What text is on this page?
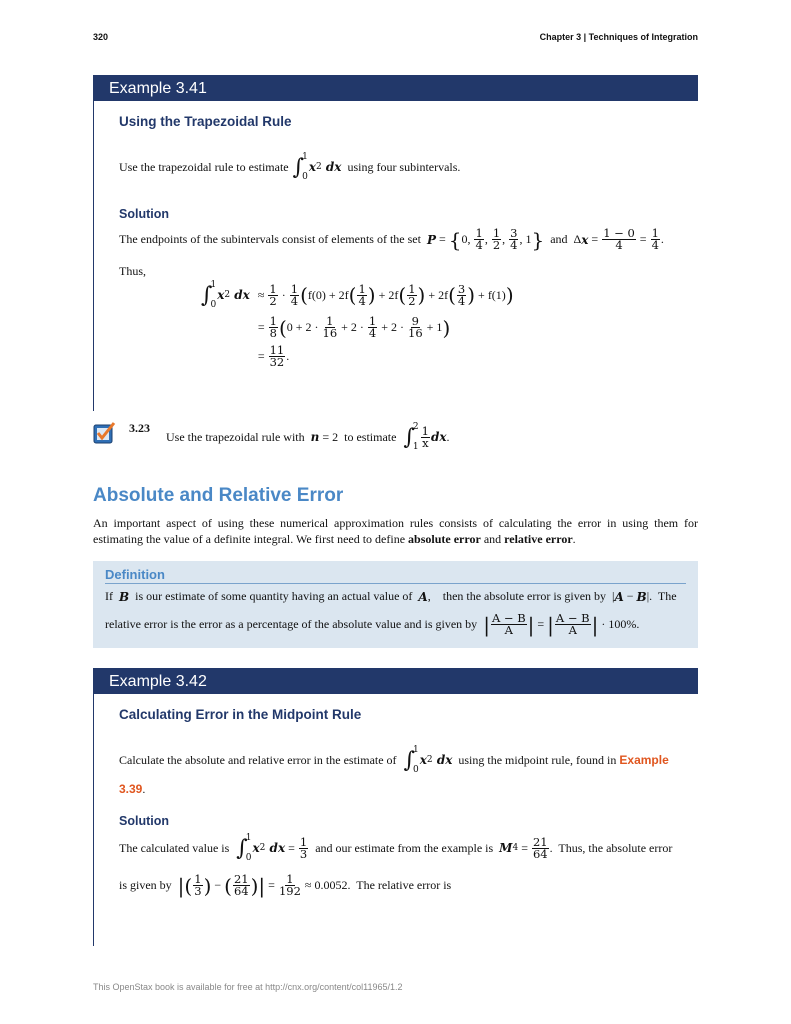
320	Chapter 3 | Techniques of Integration
Example 3.41
Using the Trapezoidal Rule
Use the trapezoidal rule to estimate ∫
1
0
x 2 dx using four subintervals.
Solution
The endpoints of the subintervals consist of elements of the set P = { 0, $\frac{1}{4}$ , $\frac{1}{2}$ , $\frac{3}{4}$ , 1 } and  Δ $x = \frac{1 - 0}{4} = \frac{1}{4}$ .
Thus,
∫
1
0
x 2 dx ≈ $\frac{1}{2} \cdot \frac{1}{4}$ ( f(0) + 2f ( $\frac{1}{4}$ ) + 2f ( $\frac{1}{2}$ ) + 2f ( $\frac{3}{4}$ ) + f(1) )
= $\frac{1}{8}$ ( $0 + 2 \cdot \frac{1}{16} + 2 \cdot \frac{1}{4} + 2 \cdot \frac{9}{16} + 1$ )
= $\frac{11}{32}$ .
3.23
Use the trapezoidal rule with n = 2  to estimate ∫
2
$1 \frac{1}{x}$ dx .
Absolute and Relative Error
An important aspect of using these numerical approximation rules consists of calculating the error in using them for estimating the value of a definite integral. We first need to define absolute error and relative error.
Definition
If B is our estimate of some quantity having an actual value of A ,    then the absolute error is given by  | A − B |.  The
relative error is the error as a percentage of the absolute value and is given by | $\frac{A - B}{A}$ | = | $\frac{A - B}{A}$ | · 100%.
Example 3.42
Calculating Error in the Midpoint Rule
Calculate the absolute and relative error in the estimate of ∫
1
0
x 2 dx using the midpoint rule, found in Example
3.39.
Solution
The calculated value is ∫
1
0
x 2 dx = $\frac{1}{3}$ and our estimate from the example is M $4 = \frac{21}{64}$ .  Thus, the absolute error
is given by | ( $\frac{1}{3}$ ) − ( $\frac{21}{64}$ ) | = $\frac{1}{192} \approx 0.0052$.  The relative error is
This OpenStax book is available for free at http://cnx.org/content/col11965/1.2
